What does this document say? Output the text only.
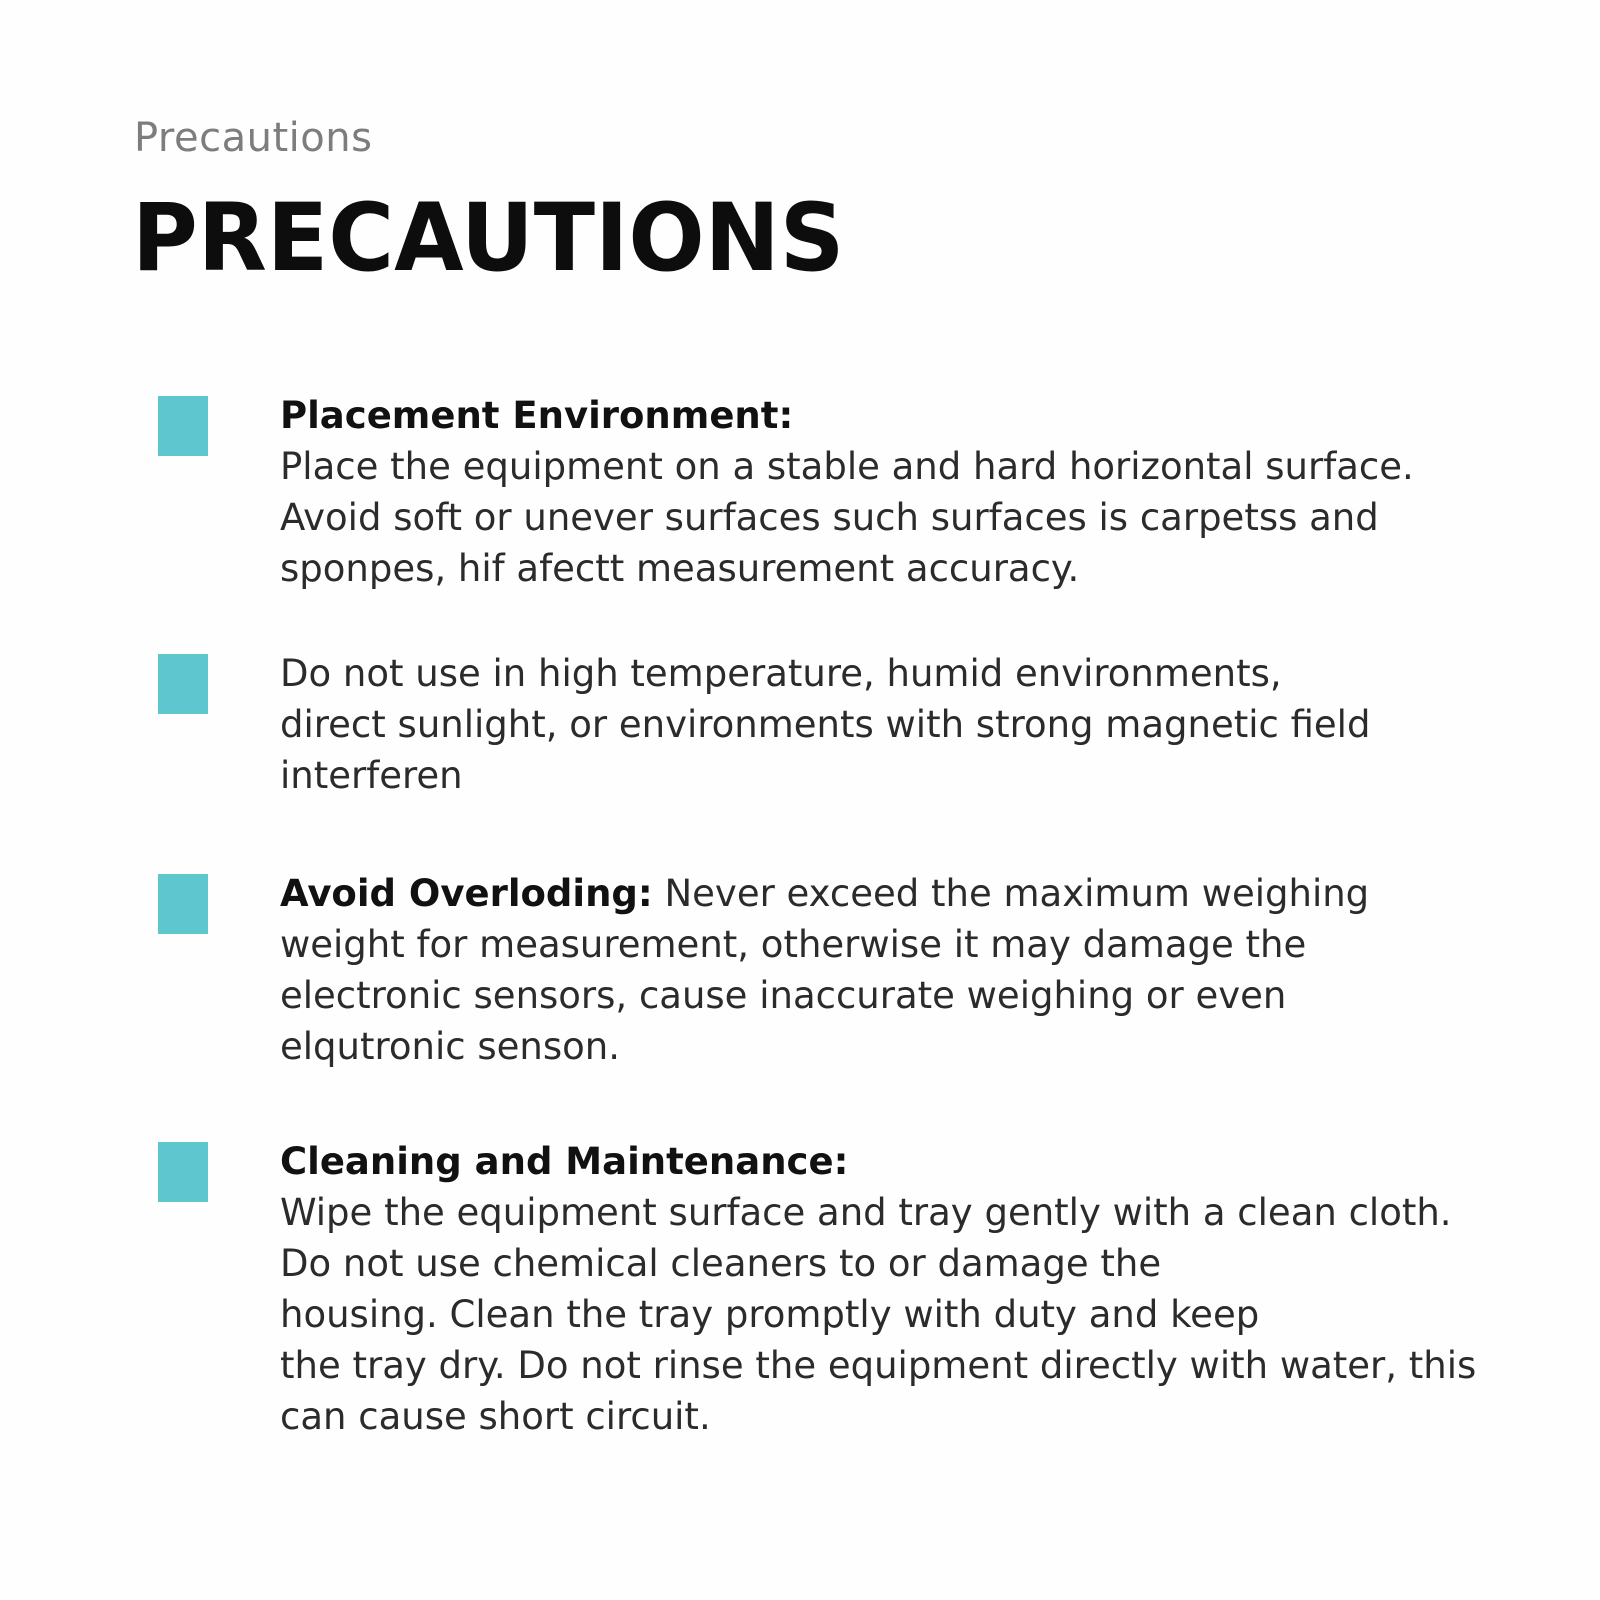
Precautions
PRECAUTIONS
Placement Environment:
Place the equipment on a stable and hard horizontal surface.
Avoid soft or unever surfaces such surfaces is carpetss and
sponpes, hif afectt measurement accuracy.
Do not use in high temperature, humid environments,
direct sunlight, or environments with strong magnetic field
interferen
Avoid Overloding: Never exceed the maximum weighing
weight for measurement, otherwise it may damage the
electronic sensors, cause inaccurate weighing or even
elqutronic senson.
Cleaning and Maintenance:
Wipe the equipment surface and tray gently with a clean cloth.
Do not use chemical cleaners to or damage the
housing. Clean the tray promptly with duty and keep
the tray dry. Do not rinse the equipment directly with water, this
can cause short circuit.
